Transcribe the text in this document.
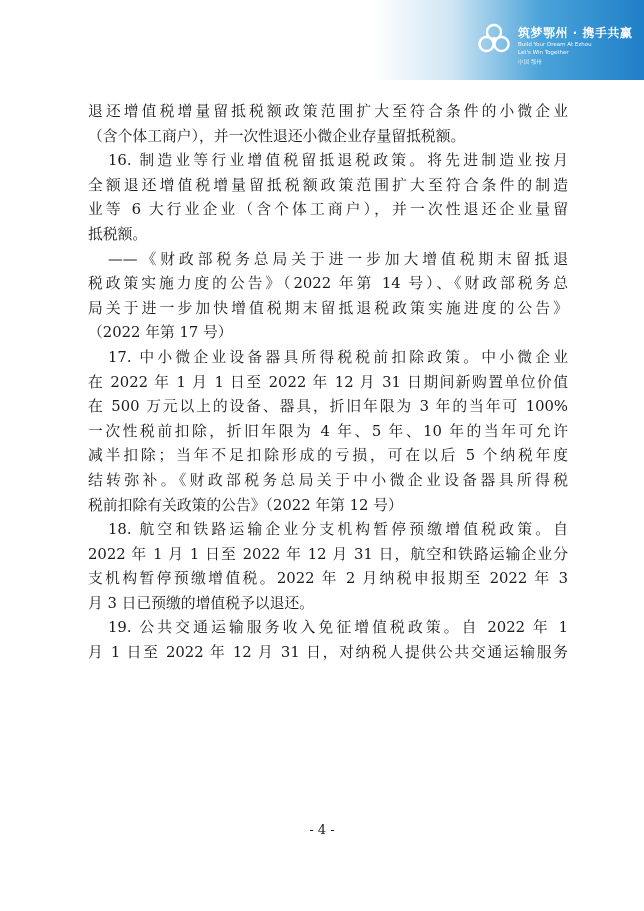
筑梦鄂州 · 携手共赢
Build Your Dream At Ezhou
Let's Win Together
中国 鄂州
退还增值税增量留抵税额政策范围扩大至符合条件的小微企业
（含个体工商户），并一次性退还小微企业存量留抵税额。
16. 制造业等行业增值税留抵退税政策。将先进制造业按月
全额退还增值税增量留抵税额政策范围扩大至符合条件的制造
业等 6 大行业企业（含个体工商户），并一次性退还企业量留
抵税额。
——《财政部税务总局关于进一步加大增值税期末留抵退
税政策实施力度的公告》（2022 年第 14 号）、《财政部税务总
局关于进一步加快增值税期末留抵退税政策实施进度的公告》
（2022 年第 17 号）
17. 中小微企业设备器具所得税税前扣除政策。中小微企业
在 2022 年 1 月 1 日至 2022 年 12 月 31 日期间新购置单位价值
在 500 万元以上的设备、器具，折旧年限为 3 年的当年可 100%
一次性税前扣除，折旧年限为 4 年、5 年、10 年的当年可允许
减半扣除；当年不足扣除形成的亏损，可在以后 5 个纳税年度
结转弥补。《财政部税务总局关于中小微企业设备器具所得税
税前扣除有关政策的公告》（2022 年第 12 号）
18. 航空和铁路运输企业分支机构暂停预缴增值税政策。自
2022 年 1 月 1 日至 2022 年 12 月 31 日，航空和铁路运输企业分
支机构暂停预缴增值税。2022 年 2 月纳税申报期至 2022 年 3
月 3 日已预缴的增值税予以退还。
19. 公共交通运输服务收入免征增值税政策。自 2022 年 1
月 1 日至 2022 年 12 月 31 日，对纳税人提供公共交通运输服务
- 4 -
